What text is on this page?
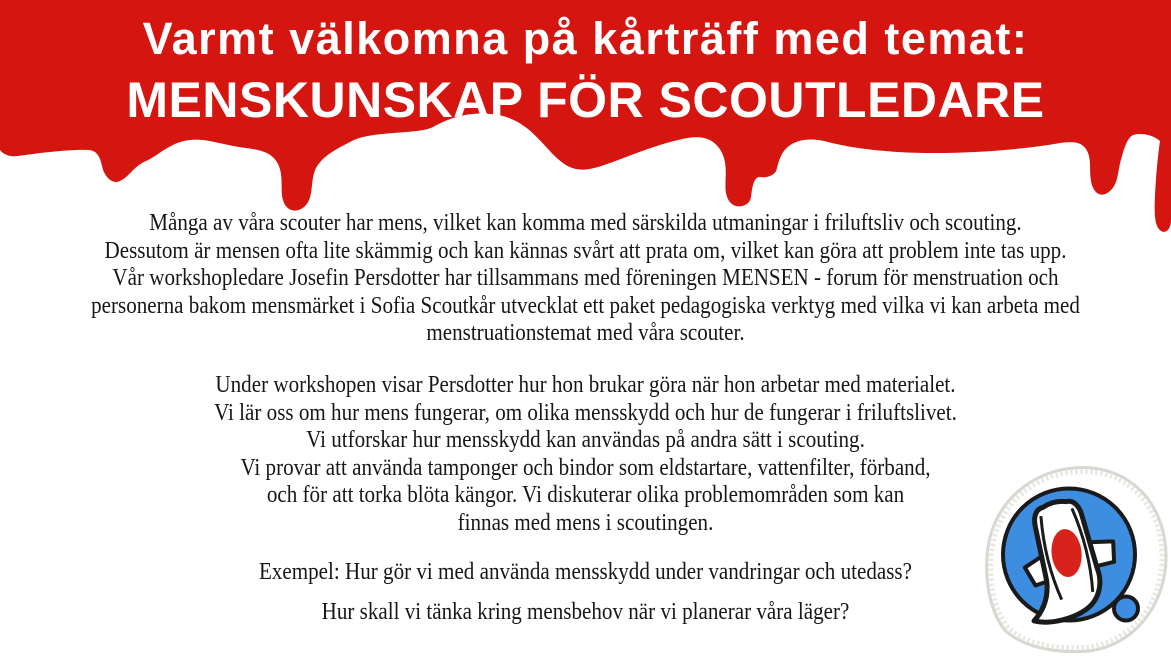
Varmt välkomna på kårträff med temat:
MENSKUNSKAP FÖR SCOUTLEDARE
Många av våra scouter har mens, vilket kan komma med särskilda utmaningar i friluftsliv och scouting.
Dessutom är mensen ofta lite skämmig och kan kännas svårt att prata om, vilket kan göra att problem inte tas upp.
Vår workshopledare Josefin Persdotter har tillsammans med föreningen MENSEN - forum för menstruation och
personerna bakom mensmärket i Sofia Scoutkår utvecklat ett paket pedagogiska verktyg med vilka vi kan arbeta med
menstruationstemat med våra scouter.
Under workshopen visar Persdotter hur hon brukar göra när hon arbetar med materialet.
Vi lär oss om hur mens fungerar, om olika mensskydd och hur de fungerar i friluftslivet.
Vi utforskar hur mensskydd kan användas på andra sätt i scouting.
Vi provar att använda tamponger och bindor som eldstartare, vattenfilter, förband,
och för att torka blöta kängor. Vi diskuterar olika problemområden som kan
finnas med mens i scoutingen.
Exempel: Hur gör vi med använda mensskydd under vandringar och utedass?
Hur skall vi tänka kring mensbehov när vi planerar våra läger?
